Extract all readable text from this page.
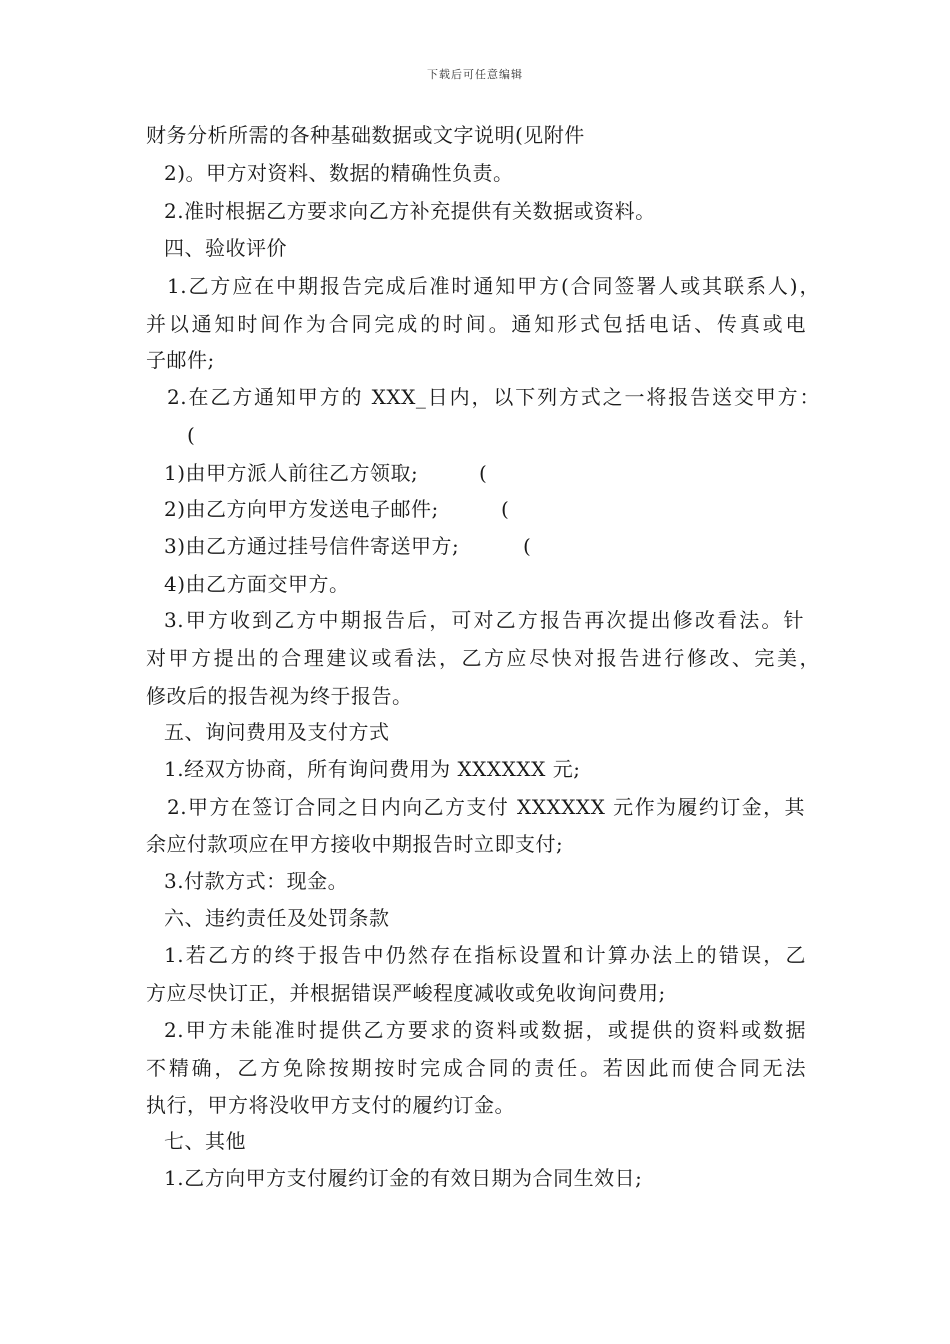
下载后可任意编辑
财务分析所需的各种基础数据或文字说明(见附件
2)。甲方对资料、数据的精确性负责。
2.准时根据乙方要求向乙方补充提供有关数据或资料。
四、验收评价
1.乙方应在中期报告完成后准时通知甲方(合同签署人或其联系人)，
并以通知时间作为合同完成的时间。通知形式包括电话、传真或电
子邮件;
2.在乙方通知甲方的 XXX_日内，以下列方式之一将报告送交甲方：
(
1)由甲方派人前往乙方领取;	(
2)由乙方向甲方发送电子邮件;	(
3)由乙方通过挂号信件寄送甲方;	(
4)由乙方面交甲方。
3.甲方收到乙方中期报告后，可对乙方报告再次提出修改看法。针
对甲方提出的合理建议或看法，乙方应尽快对报告进行修改、完美，
修改后的报告视为终于报告。
五、询问费用及支付方式
1.经双方协商，所有询问费用为 XXXXXX 元;
2.甲方在签订合同之日内向乙方支付 XXXXXX 元作为履约订金，其
余应付款项应在甲方接收中期报告时立即支付;
3.付款方式：现金。
六、违约责任及处罚条款
1.若乙方的终于报告中仍然存在指标设置和计算办法上的错误，乙
方应尽快订正，并根据错误严峻程度减收或免收询问费用;
2.甲方未能准时提供乙方要求的资料或数据，或提供的资料或数据
不精确，乙方免除按期按时完成合同的责任。若因此而使合同无法
执行，甲方将没收甲方支付的履约订金。
七、其他
1.乙方向甲方支付履约订金的有效日期为合同生效日;
